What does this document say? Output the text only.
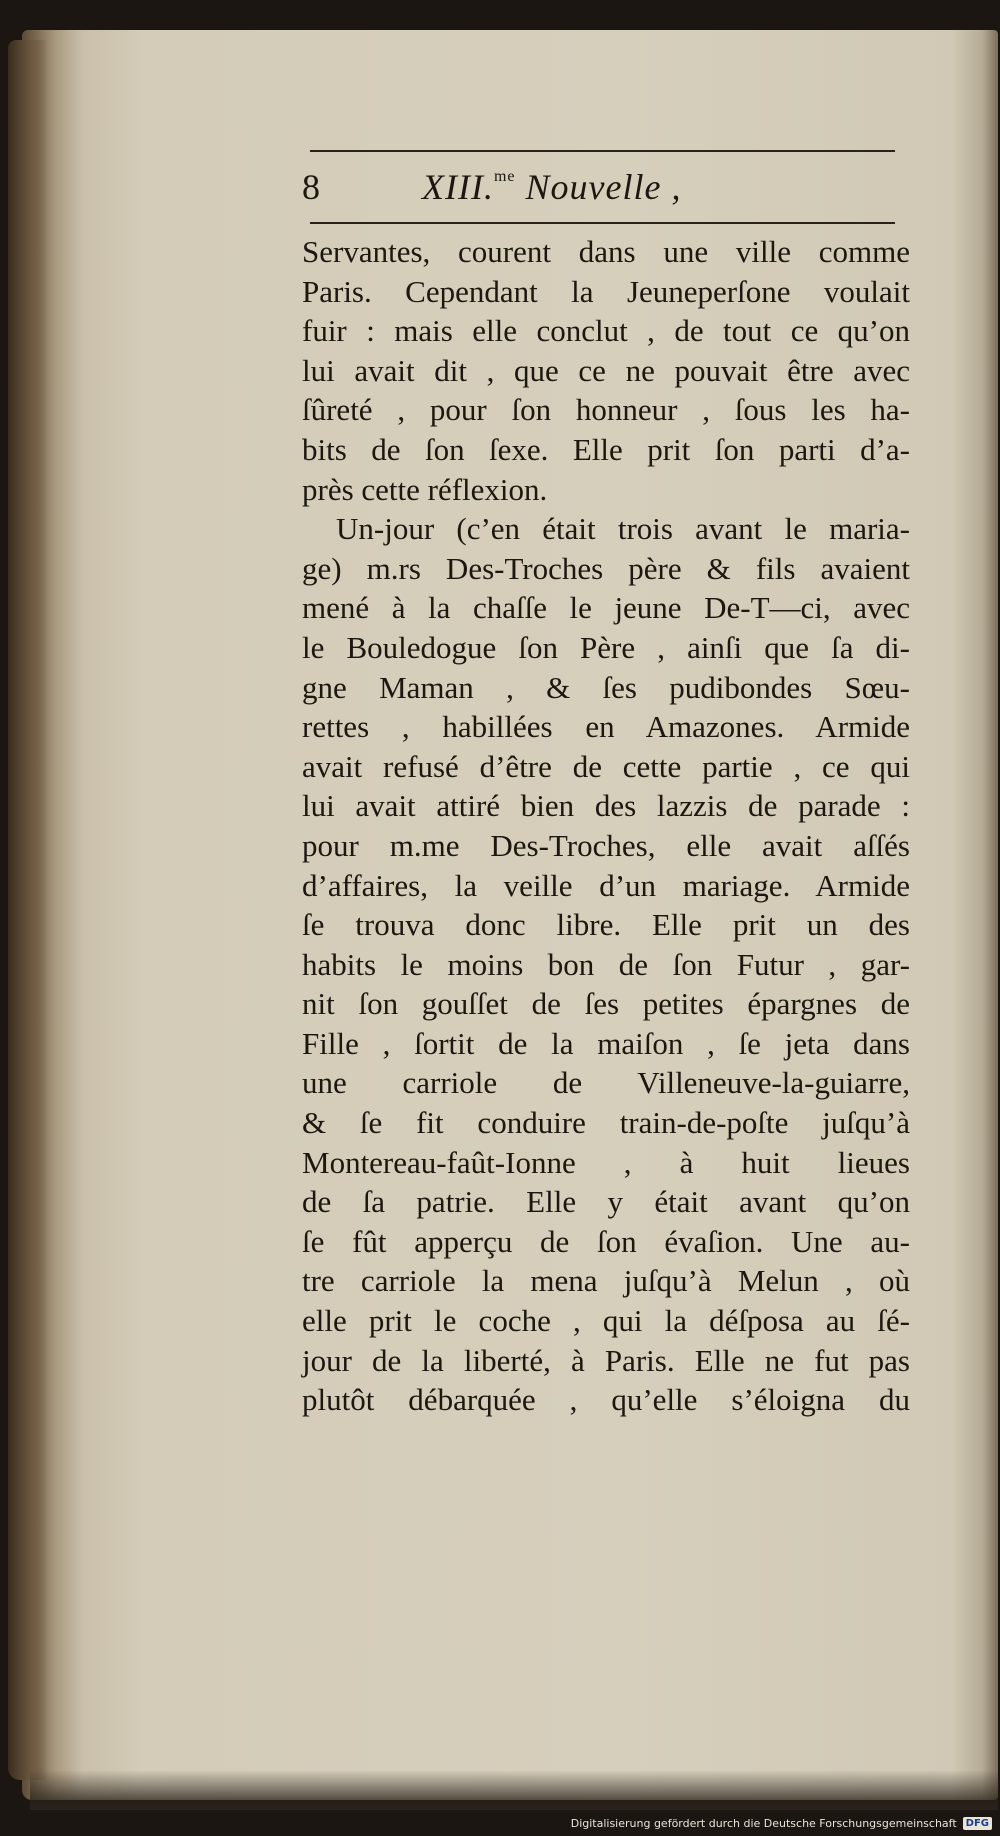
8	XIII.$^{me}$ Nouvelle ,
Servantes, courent dans une ville comme
Paris. Cependant la Jeuneperſone voulait
fuir : mais elle conclut , de tout ce qu’on
lui avait dit , que ce ne pouvait être avec
ſûreté , pour ſon honneur , ſous les ha-
bits de ſon ſexe. Elle prit ſon parti d’a-
près cette réflexion.
Un-jour (c’en était trois avant le maria-
ge) m.rs Des-Troches père & fils avaient
mené à la chaſſe le jeune De-T—ci, avec
le Bouledogue ſon Père , ainſi que ſa di-
gne Maman , & ſes pudibondes Sœu-
rettes , habillées en Amazones. Armide
avait refusé d’être de cette partie , ce qui
lui avait attiré bien des lazzis de parade :
pour m.me Des-Troches, elle avait aſſés
d’affaires, la veille d’un mariage. Armide
ſe trouva donc libre. Elle prit un des
habits le moins bon de ſon Futur , gar-
nit ſon gouſſet de ſes petites épargnes de
Fille , ſortit de la maiſon , ſe jeta dans
une carriole de Villeneuve-la-guiarre,
& ſe fit conduire train-de-poſte juſqu’à
Montereau-faût-Ionne , à huit lieues
de ſa patrie. Elle y était avant qu’on
ſe fût apperçu de ſon évaſion. Une au-
tre carriole la mena juſqu’à Melun , où
elle prit le coche , qui la déſposa au ſé-
jour de la liberté, à Paris. Elle ne fut pas
plutôt débarquée , qu’elle s’éloigna du
Digitalisierung gefördert durch die Deutsche Forschungsgemeinschaft DFG
